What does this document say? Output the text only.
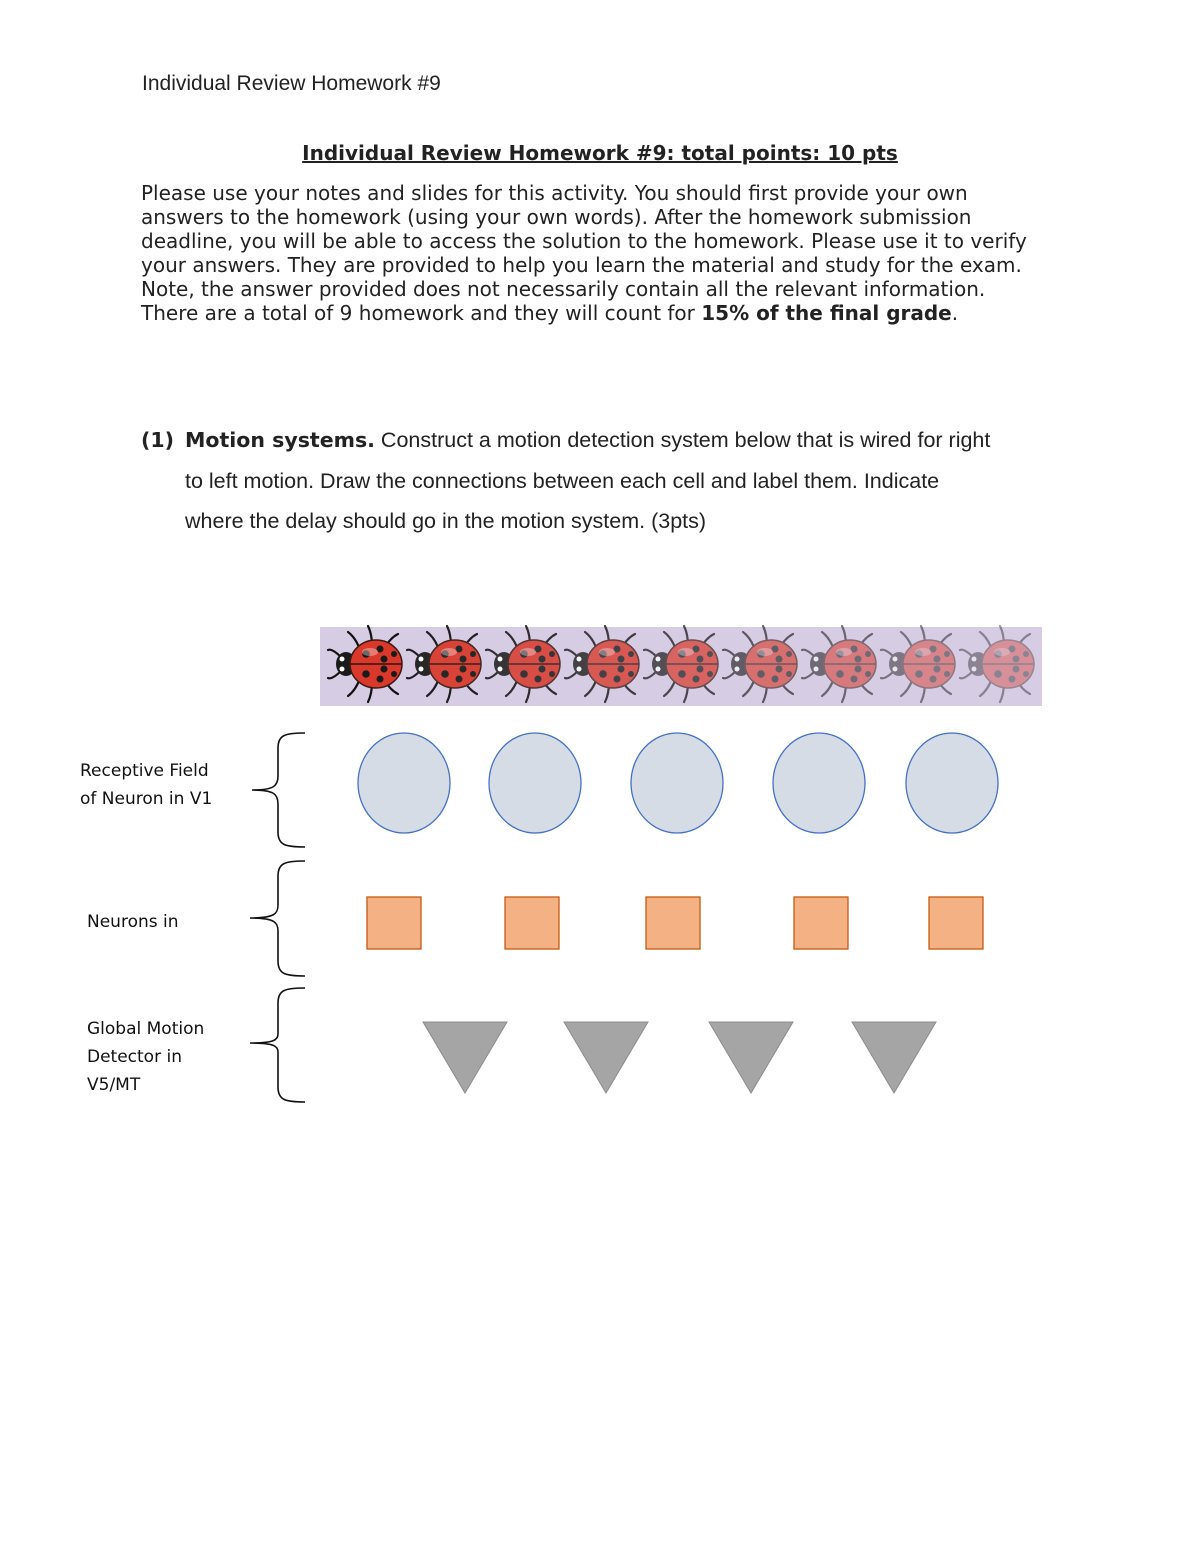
Individual Review Homework #9
Individual Review Homework #9: total points: 10 pts
Please use your notes and slides for this activity. You should first provide your own
answers to the homework (using your own words). After the homework submission
deadline, you will be able to access the solution to the homework. Please use it to verify
your answers. They are provided to help you learn the material and study for the exam.
Note, the answer provided does not necessarily contain all the relevant information.
There are a total of 9 homework and they will count for 15% of the final grade.
(1) Motion systems. Construct a motion detection system below that is wired for right
to left motion. Draw the connections between each cell and label them. Indicate
where the delay should go in the motion system. (3pts)
Receptive Field
of Neuron in V1
Neurons in
Global Motion
Detector in
V5/MT
